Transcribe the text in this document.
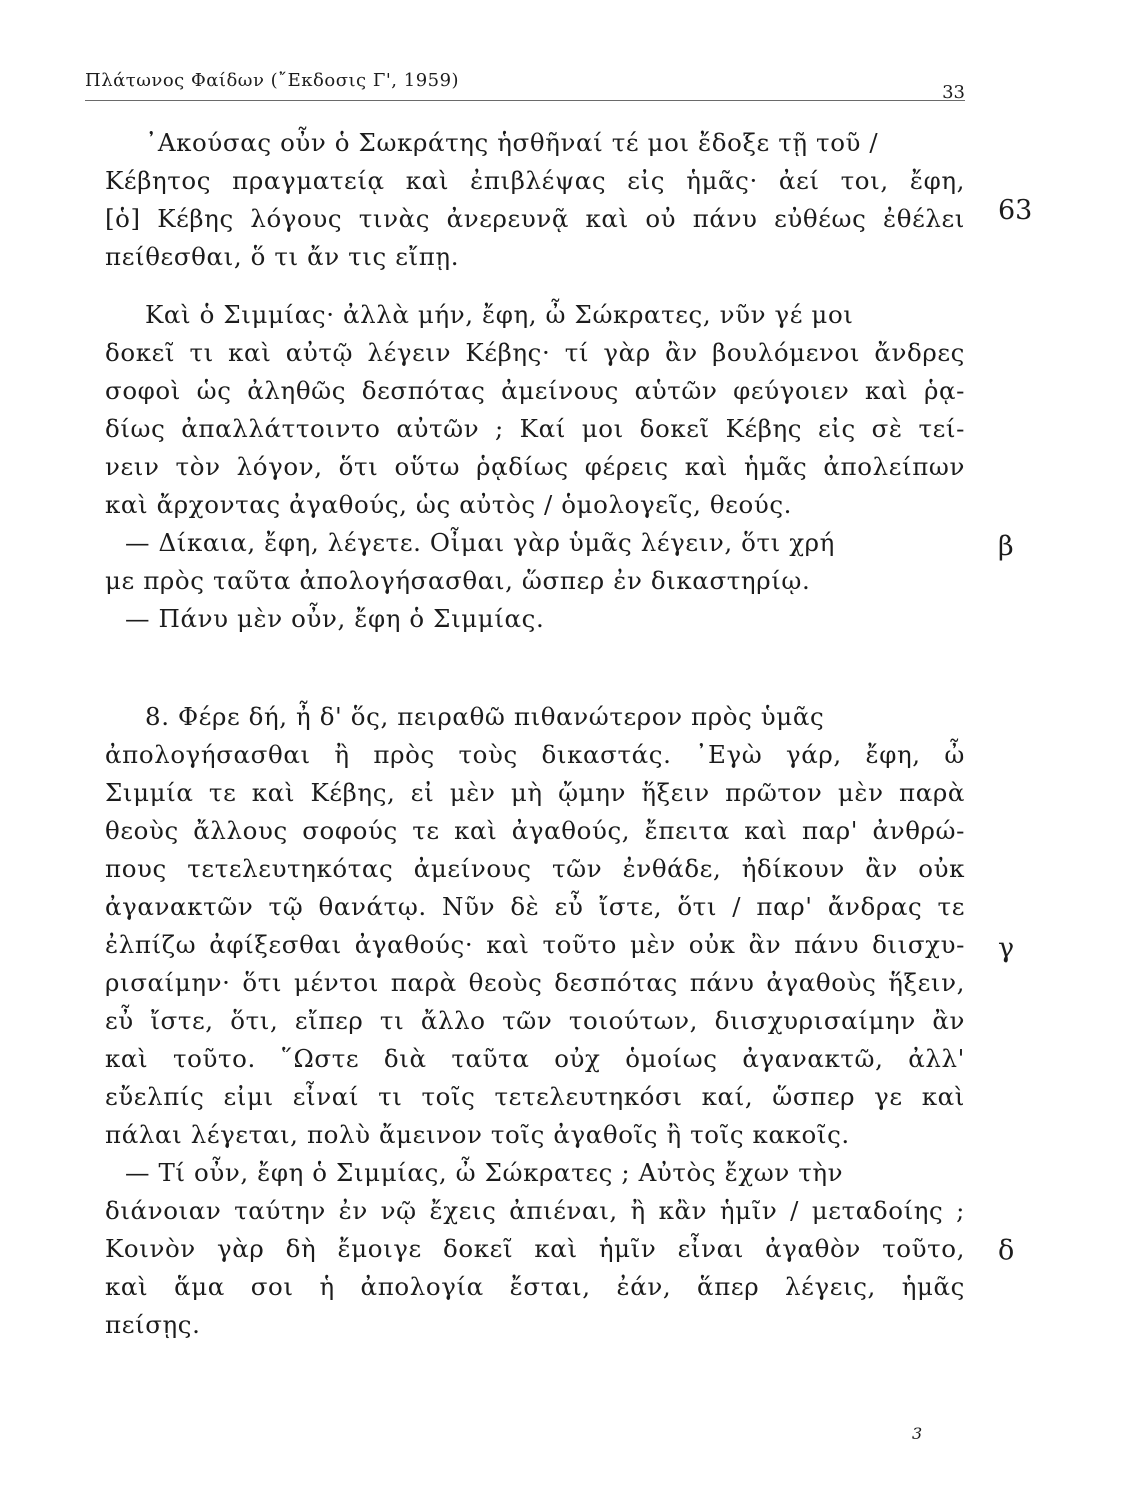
Πλάτωνος Φαίδων (῎Εκδοσις Γ', 1959)
33
᾿Ακούσας οὖν ὁ Σωκράτης ἡσθῆναί τέ μοι ἔδοξε τῇ τοῦ /
Κέβητος πραγματείᾳ καὶ ἐπιβλέψας εἰς ἡμᾶς· ἀεί τοι, ἔφη,
[ὁ] Κέβης λόγους τινὰς ἀνερευνᾷ καὶ οὐ πάνυ εὐθέως ἐθέλει
πείθεσθαι, ὅ τι ἄν τις εἴπῃ.
Καὶ ὁ Σιμμίας· ἀλλὰ μήν, ἔφη, ὦ Σώκρατες, νῦν γέ μοι
δοκεῖ τι καὶ αὐτῷ λέγειν Κέβης· τί γὰρ ἂν βουλόμενοι ἄνδρες
σοφοὶ ὡς ἀληθῶς δεσπότας ἀμείνους αὑτῶν φεύγοιεν καὶ ῥᾳ-
δίως ἀπαλλάττοιντο αὐτῶν ; Καί μοι δοκεῖ Κέβης εἰς σὲ τεί-
νειν τὸν λόγον, ὅτι οὕτω ῥᾳδίως φέρεις καὶ ἡμᾶς ἀπολείπων
καὶ ἄρχοντας ἀγαθούς, ὡς αὐτὸς / ὁμολογεῖς, θεούς.
— Δίκαια, ἔφη, λέγετε. Οἶμαι γὰρ ὑμᾶς λέγειν, ὅτι χρή
με πρὸς ταῦτα ἀπολογήσασθαι, ὥσπερ ἐν δικαστηρίῳ.
— Πάνυ μὲν οὖν, ἔφη ὁ Σιμμίας.
8. Φέρε δή, ἦ δ' ὅς, πειραθῶ πιθανώτερον πρὸς ὑμᾶς
ἀπολογήσασθαι ἢ πρὸς τοὺς δικαστάς. ᾿Εγὼ γάρ, ἔφη, ὦ
Σιμμία τε καὶ Κέβης, εἰ μὲν μὴ ᾤμην ἥξειν πρῶτον μὲν παρὰ
θεοὺς ἄλλους σοφούς τε καὶ ἀγαθούς, ἔπειτα καὶ παρ' ἀνθρώ-
πους τετελευτηκότας ἀμείνους τῶν ἐνθάδε, ἠδίκουν ἂν οὐκ
ἀγανακτῶν τῷ θανάτῳ. Νῦν δὲ εὖ ἴστε, ὅτι / παρ' ἄνδρας τε
ἐλπίζω ἀφίξεσθαι ἀγαθούς· καὶ τοῦτο μὲν οὐκ ἂν πάνυ διισχυ-
ρισαίμην· ὅτι μέντοι παρὰ θεοὺς δεσπότας πάνυ ἀγαθοὺς ἥξειν,
εὖ ἴστε, ὅτι, εἴπερ τι ἄλλο τῶν τοιούτων, διισχυρισαίμην ἂν
καὶ τοῦτο. ῞Ωστε διὰ ταῦτα οὐχ ὁμοίως ἀγανακτῶ, ἀλλ'
εὔελπίς εἰμι εἶναί τι τοῖς τετελευτηκόσι καί, ὥσπερ γε καὶ
πάλαι λέγεται, πολὺ ἄμεινον τοῖς ἀγαθοῖς ἢ τοῖς κακοῖς.
— Τί οὖν, ἔφη ὁ Σιμμίας, ὦ Σώκρατες ; Αὐτὸς ἔχων τὴν
διάνοιαν ταύτην ἐν νῷ ἔχεις ἀπιέναι, ἢ κἂν ἡμῖν / μεταδοίης ;
Κοινὸν γὰρ δὴ ἔμοιγε δοκεῖ καὶ ἡμῖν εἶναι ἀγαθὸν τοῦτο,
καὶ ἅμα σοι ἡ ἀπολογία ἔσται, ἐάν, ἅπερ λέγεις, ἡμᾶς
πείσῃς.
63
β
γ
δ
3
